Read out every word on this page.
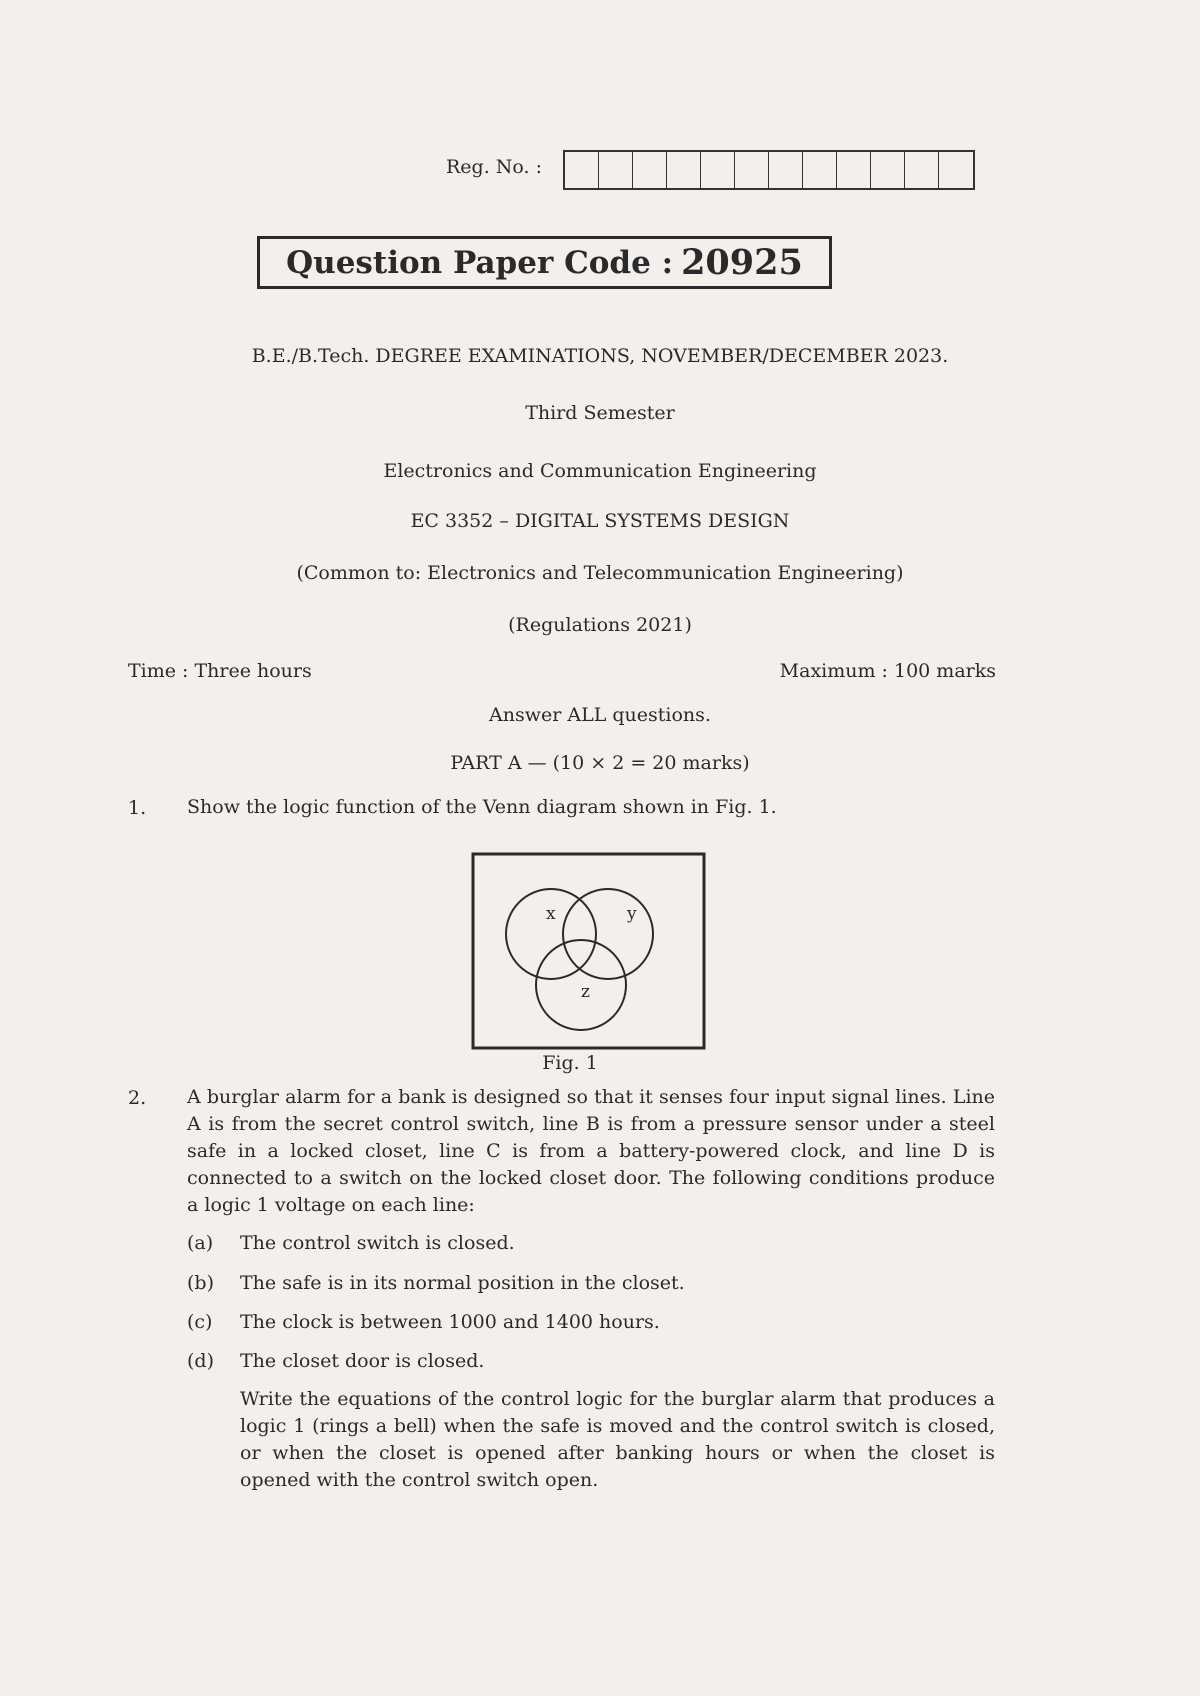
Reg. No. :
Question Paper Code : 20925
B.E./B.Tech. DEGREE EXAMINATIONS, NOVEMBER/DECEMBER 2023.
Third Semester
Electronics and Communication Engineering
EC 3352 – DIGITAL SYSTEMS DESIGN
(Common to: Electronics and Telecommunication Engineering)
(Regulations 2021)
Time : Three hours	Maximum : 100 marks
Answer ALL questions.
PART A — (10 × 2 = 20 marks)
1. Show the logic function of the Venn diagram shown in Fig. 1.
x	y
z
Fig. 1
2. A burglar alarm for a bank is designed so that it senses four input signal lines. Line A is from the secret control switch, line B is from a pressure sensor under a steel safe in a locked closet, line C is from a battery-powered clock, and line D is connected to a switch on the locked closet door. The following conditions produce a logic 1 voltage on each line:
(a) The control switch is closed.
(b) The safe is in its normal position in the closet.
(c) The clock is between 1000 and 1400 hours.
(d) The closet door is closed.
Write the equations of the control logic for the burglar alarm that produces a logic 1 (rings a bell) when the safe is moved and the control switch is closed, or when the closet is opened after banking hours or when the closet is opened with the control switch open.
